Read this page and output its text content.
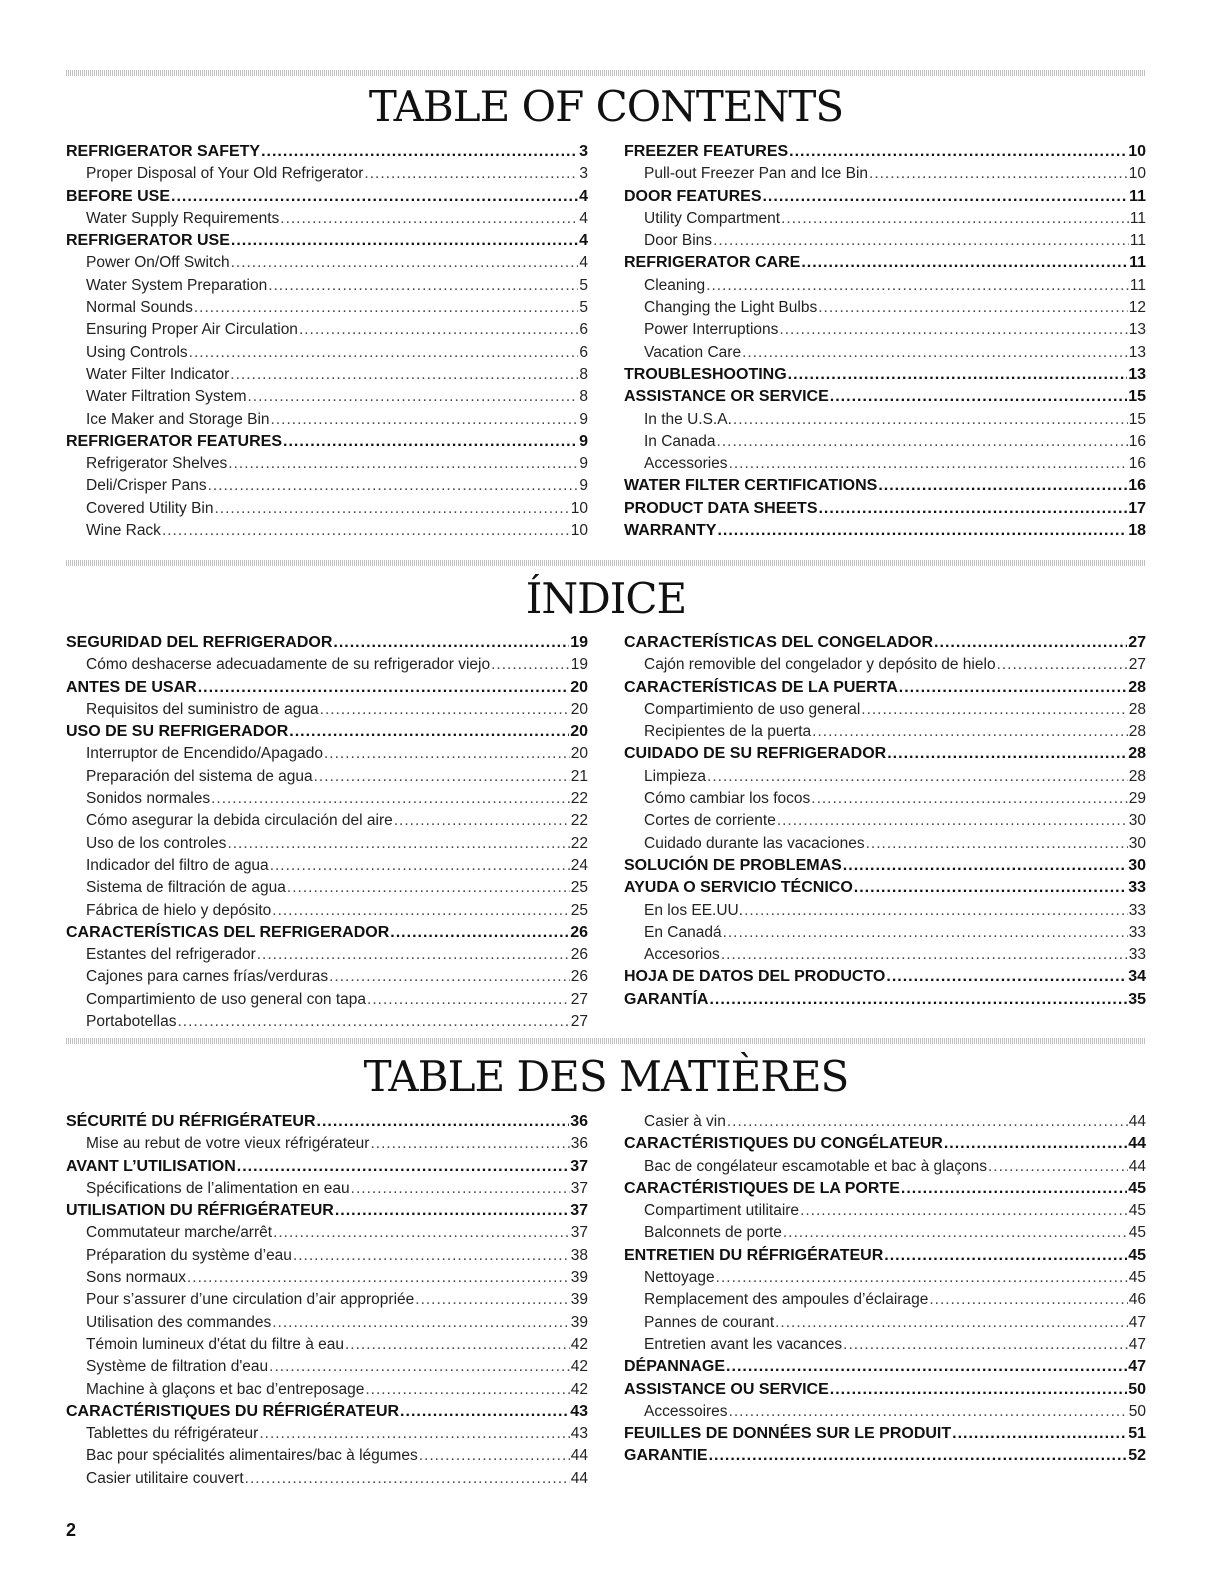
TABLE OF CONTENTS
REFRIGERATOR SAFETY .....	3
Proper Disposal of Your Old Refrigerator .....	3
BEFORE USE .....	4
Water Supply Requirements .....	4
REFRIGERATOR USE .....	4
Power On/Off Switch .....	4
Water System Preparation .....	5
Normal Sounds .....	5
Ensuring Proper Air Circulation .....	6
Using Controls .....	6
Water Filter Indicator .....	8
Water Filtration System .....	8
Ice Maker and Storage Bin .....	9
REFRIGERATOR FEATURES .....	9
Refrigerator Shelves .....	9
Deli/Crisper Pans .....	9
Covered Utility Bin .....	10
Wine Rack .....	10
FREEZER FEATURES .....	10
Pull-out Freezer Pan and Ice Bin .....	10
DOOR FEATURES .....	11
Utility Compartment .....	11
Door Bins .....	11
REFRIGERATOR CARE .....	11
Cleaning .....	11
Changing the Light Bulbs .....	12
Power Interruptions .....	13
Vacation Care .....	13
TROUBLESHOOTING .....	13
ASSISTANCE OR SERVICE .....	15
In the U.S.A. .....	15
In Canada .....	16
Accessories .....	16
WATER FILTER CERTIFICATIONS .....	16
PRODUCT DATA SHEETS .....	17
WARRANTY .....	18
ÍNDICE
SEGURIDAD DEL REFRIGERADOR .....	19
Cómo deshacerse adecuadamente de su refrigerador viejo .....	19
ANTES DE USAR .....	20
Requisitos del suministro de agua .....	20
USO DE SU REFRIGERADOR .....	20
Interruptor de Encendido/Apagado .....	20
Preparación del sistema de agua .....	21
Sonidos normales .....	22
Cómo asegurar la debida circulación del aire .....	22
Uso de los controles .....	22
Indicador del filtro de agua .....	24
Sistema de filtración de agua .....	25
Fábrica de hielo y depósito .....	25
CARACTERÍSTICAS DEL REFRIGERADOR .....	26
Estantes del refrigerador .....	26
Cajones para carnes frías/verduras .....	26
Compartimiento de uso general con tapa .....	27
Portabotellas .....	27
CARACTERÍSTICAS DEL CONGELADOR .....	27
Cajón removible del congelador y depósito de hielo .....	27
CARACTERÍSTICAS DE LA PUERTA .....	28
Compartimiento de uso general .....	28
Recipientes de la puerta .....	28
CUIDADO DE SU REFRIGERADOR .....	28
Limpieza .....	28
Cómo cambiar los focos .....	29
Cortes de corriente .....	30
Cuidado durante las vacaciones .....	30
SOLUCIÓN DE PROBLEMAS .....	30
AYUDA O SERVICIO TÉCNICO .....	33
En los EE.UU. .....	33
En Canadá .....	33
Accesorios .....	33
HOJA DE DATOS DEL PRODUCTO .....	34
GARANTÍA .....	35
TABLE DES MATIÈRES
SÉCURITÉ DU RÉFRIGÉRATEUR .....	36
Mise au rebut de votre vieux réfrigérateur .....	36
AVANT L’UTILISATION .....	37
Spécifications de l’alimentation en eau .....	37
UTILISATION DU RÉFRIGÉRATEUR .....	37
Commutateur marche/arrêt .....	37
Préparation du système d’eau .....	38
Sons normaux .....	39
Pour s’assurer d’une circulation d’air appropriée .....	39
Utilisation des commandes .....	39
Témoin lumineux d'état du filtre à eau .....	42
Système de filtration d'eau .....	42
Machine à glaçons et bac d’entreposage .....	42
CARACTÉRISTIQUES DU RÉFRIGÉRATEUR .....	43
Tablettes du réfrigérateur .....	43
Bac pour spécialités alimentaires/bac à légumes .....	44
Casier utilitaire couvert .....	44
Casier à vin .....	44
CARACTÉRISTIQUES DU CONGÉLATEUR .....	44
Bac de congélateur escamotable et bac à glaçons .....	44
CARACTÉRISTIQUES DE LA PORTE .....	45
Compartiment utilitaire .....	45
Balconnets de porte .....	45
ENTRETIEN DU RÉFRIGÉRATEUR .....	45
Nettoyage .....	45
Remplacement des ampoules d’éclairage .....	46
Pannes de courant .....	47
Entretien avant les vacances .....	47
DÉPANNAGE .....	47
ASSISTANCE OU SERVICE .....	50
Accessoires .....	50
FEUILLES DE DONNÉES SUR LE PRODUIT .....	51
GARANTIE .....	52
2
